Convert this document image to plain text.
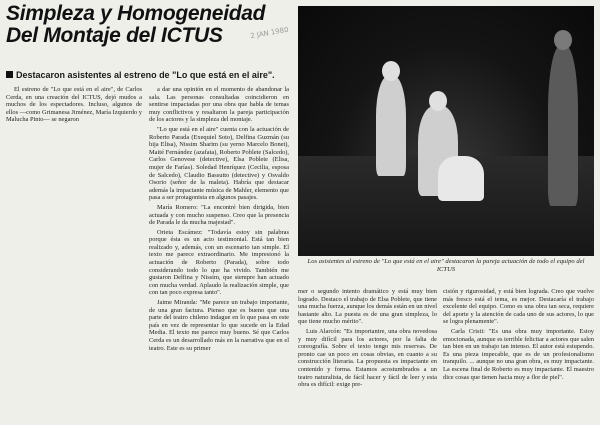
Simpleza y Homogeneidad
Del Montaje del ICTUS	2 JAN 1980
Destacaron asistentes al estreno de "Lo que está en el aire".

El estreno de "Lo que está en el aire", de Carlos Cerda, en una creación del ICTUS, dejó mudos a muchos de los espectadores. Incluso, algunos de ellos —como Grimanesa Jiménez, María Izquierdo y Malucha Pinto— se negaron

a dar una opinión en el momento de abandonar la sala. Las personas consultadas coincidieron en sentirse impactadas por una obra que habla de temas muy conflictivos y resaltaron la pareja participación de los actores y la simpleza del montaje.

"Lo que está en el aire" cuenta con la actuación de Roberto Parada (Exequiel Soto), Delfina Guzmán (su hija Elisa), Nissim Sharim (su yerno Marcelo Bonet), Maité Fernández (azafata), Roberto Poblete (Salcedo), Carlos Genovese (detective), Elsa Poblete (Elisa, mujer de Farías). Soledad Henríquez (Cecilia, esposa de Salcedo), Claudio Bassutto (detective) y Osvaldo Osorio (señor de la maleta). Habría que destacar además la impactante música de Mahler, elemento que pasa a ser protagonista en algunos pasajes.

María Romero: "La encontré bien dirigida, bien actuada y con mucho suspenso. Creo que la presencia de Parada le da mucha majestad".

Orieta Escámez: "Todavía estoy sin palabras porque ésta es un acto testimonial. Está tan bien realizado y, además, con un escenario tan simple. El texto me parece extraordinario. Me impresionó la actuación de Roberto (Parada), sobre todo considerando todo lo que ha vivido. También me gustaron Delfina y Nissim, que siempre han actuado con mucha verdad. Aplaudo la realización simple, que con tan poco expresa tanto".

Jaime Miranda: "Me parece un trabajo importante, de una gran factura. Pienso que es bueno que una parte del teatro chileno indague en lo que pasa en este país en vez de representar lo que sucede en la Edad Media. El texto me parece muy bueno. Sé que Carlos Cerda es un desarrollado más en la narrativa que en el teatro. Este es su primer

Los asistentes al estreno de "Lo que está en el aire" destacaron la pareja actuación de todo el equipo del ICTUS

mer o segundo intento dramático y está muy bien logrado. Destaco el trabajo de Elsa Poblete, que tiene una mucha fuerza, aunque los demás están en un nivel bastante alto. La puesta es de una gran simpleza, lo que tiene mucho mérito".

Luis Alarcón: "Es importantre, una obra novedosa y muy difícil para los actores, por la falta de coreografía. Sobre el texto tengo mis reservas. De pronto cae un poco en cosas obvias, en cuanto a su construcción literaria. La propuesta es impactante en contenido y forma. Estamos acostumbrados a un teatro naturalista, de fácil hacer y fácil de leer y esta obra es difícil: exige pre-

cisión y rigurosidad, y está bien lograda. Creo que vuelve más fresco está el tema, es mejor. Destacaría el trabajo excelente del equipo. Como es una obra tan seca, requiere del aporte y la atención de cada uno de sus actores, lo que se logra plenamente".

Carla Cristi: "Es una obra muy importante. Estoy emocionada, aunque es terrible felicitar a actores que salen tan bien en un trabajo tan intenso. El autor está estupendo. Es una pieza impecable, que es de un profesionalismo tranquilo. ... aunque no una gran obra, es muy impactante. La escena final de Roberto es muy impactante. El maestro dice cosas que tienen hacia muy a flor de piel".
